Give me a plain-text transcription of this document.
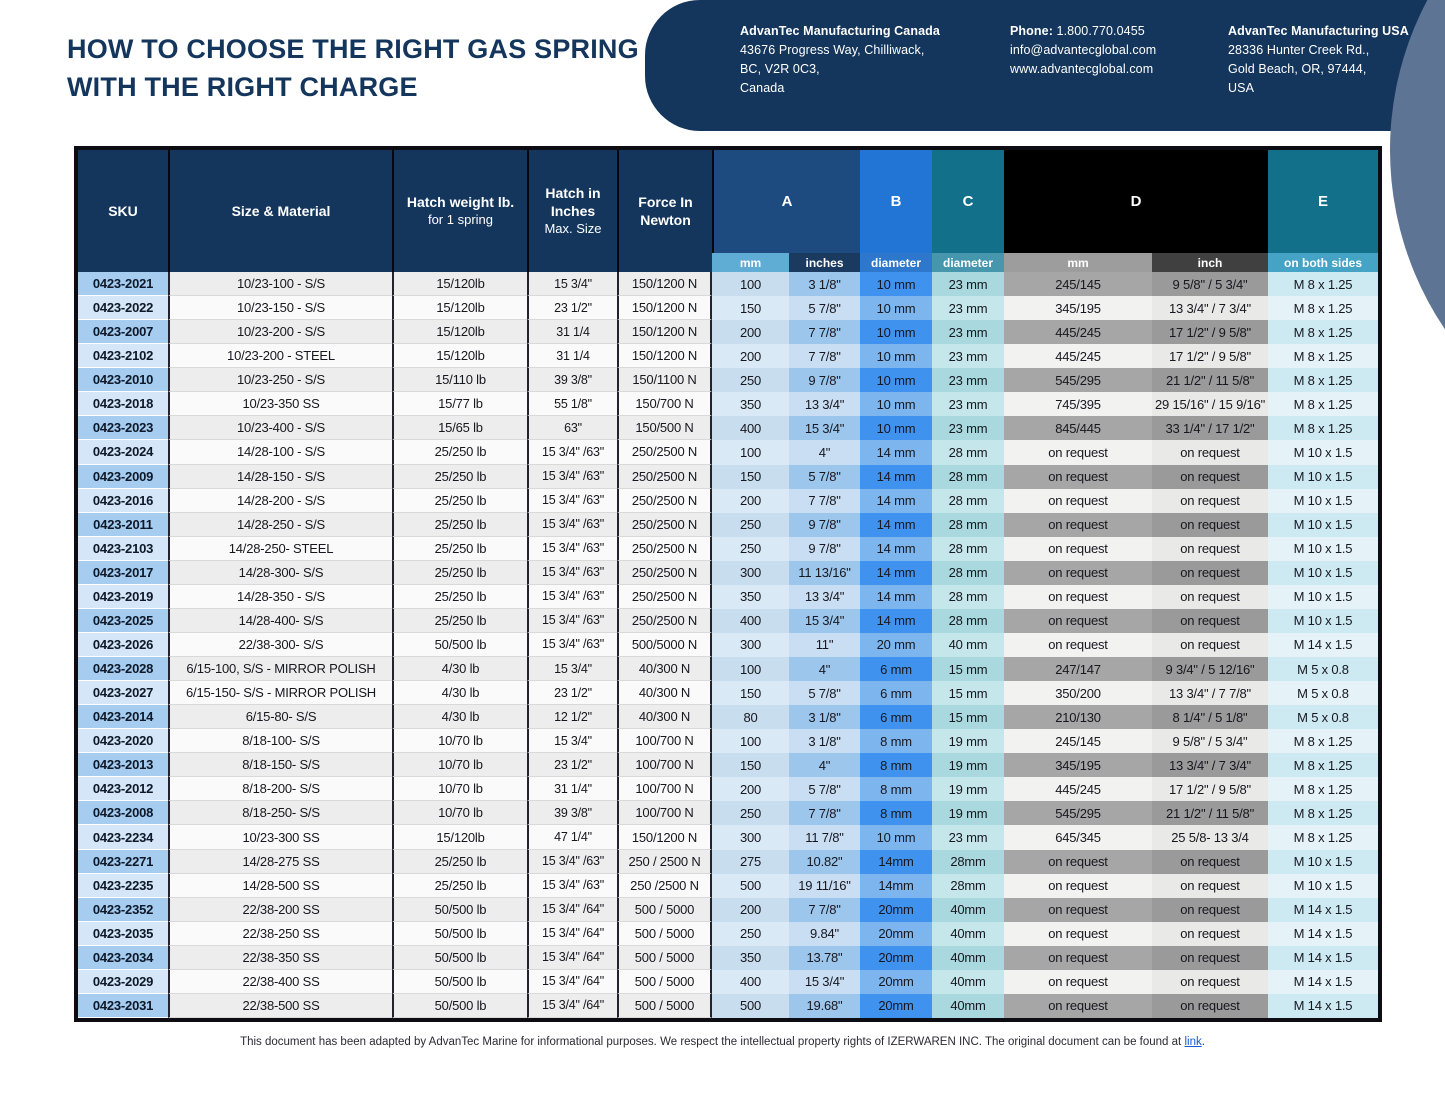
AdvanTec Manufacturing Canada
43676 Progress Way, Chilliwack,
BC, V2R 0C3,
Canada
Phone: 1.800.770.0455
info@advantecglobal.com
www.advantecglobal.com
AdvanTec Manufacturing USA
28336 Hunter Creek Rd.,
Gold Beach, OR, 97444,
USA
HOW TO CHOOSE THE RIGHT GAS SPRING
WITH THE RIGHT CHARGE
SKU	Size & Material
Hatch weight lb.
for 1 spring
Hatch in
Inches
Max. Size
Force In
Newton
A	B	C	D	E
mm	inches	diameter	diameter	mm	inch	on both sides
0423-2021	10/23-100 - S/S	15/120lb	15 3/4"	150/1200 N	100	3 1/8"	10 mm	23 mm	245/145	9 5/8" / 5 3/4"	M 8 x 1.25
0423-2022	10/23-150 - S/S	15/120lb	23 1/2"	150/1200 N	150	5 7/8"	10 mm	23 mm	345/195	13 3/4" / 7 3/4"	M 8 x 1.25
0423-2007	10/23-200 - S/S	15/120lb	31 1/4	150/1200 N	200	7 7/8"	10 mm	23 mm	445/245	17 1/2" / 9 5/8"	M 8 x 1.25
0423-2102	10/23-200 - STEEL	15/120lb	31 1/4	150/1200 N	200	7 7/8"	10 mm	23 mm	445/245	17 1/2" / 9 5/8"	M 8 x 1.25
0423-2010	10/23-250 - S/S	15/110 lb	39 3/8"	150/1100 N	250	9 7/8"	10 mm	23 mm	545/295	21 1/2" / 11 5/8"	M 8 x 1.25
0423-2018	10/23-350 SS	15/77 lb	55 1/8"	150/700 N	350	13 3/4"	10 mm	23 mm	745/395	29 15/16" / 15 9/16"	M 8 x 1.25
0423-2023	10/23-400 - S/S	15/65 lb	63"	150/500 N	400	15 3/4"	10 mm	23 mm	845/445	33 1/4" / 17 1/2"	M 8 x 1.25
0423-2024	14/28-100 - S/S	25/250 lb	15 3/4" /63"	250/2500 N	100	4"	14 mm	28 mm	on request	on request	M 10 x 1.5
0423-2009	14/28-150 - S/S	25/250 lb	15 3/4" /63"	250/2500 N	150	5 7/8"	14 mm	28 mm	on request	on request	M 10 x 1.5
0423-2016	14/28-200 - S/S	25/250 lb	15 3/4" /63"	250/2500 N	200	7 7/8"	14 mm	28 mm	on request	on request	M 10 x 1.5
0423-2011	14/28-250 - S/S	25/250 lb	15 3/4" /63"	250/2500 N	250	9 7/8"	14 mm	28 mm	on request	on request	M 10 x 1.5
0423-2103	14/28-250- STEEL	25/250 lb	15 3/4" /63"	250/2500 N	250	9 7/8"	14 mm	28 mm	on request	on request	M 10 x 1.5
0423-2017	14/28-300- S/S	25/250 lb	15 3/4" /63"	250/2500 N	300	11 13/16"	14 mm	28 mm	on request	on request	M 10 x 1.5
0423-2019	14/28-350 - S/S	25/250 lb	15 3/4" /63"	250/2500 N	350	13 3/4"	14 mm	28 mm	on request	on request	M 10 x 1.5
0423-2025	14/28-400- S/S	25/250 lb	15 3/4" /63"	250/2500 N	400	15 3/4"	14 mm	28 mm	on request	on request	M 10 x 1.5
0423-2026	22/38-300- S/S	50/500 lb	15 3/4" /63"	500/5000 N	300	11"	20 mm	40 mm	on request	on request	M 14 x 1.5
0423-2028	6/15-100, S/S - MIRROR POLISH	4/30 lb	15 3/4"	40/300 N	100	4"	6 mm	15 mm	247/147	9 3/4" / 5 12/16"	M 5 x 0.8
0423-2027	6/15-150- S/S - MIRROR POLISH	4/30 lb	23 1/2"	40/300 N	150	5 7/8"	6 mm	15 mm	350/200	13 3/4" / 7 7/8"	M 5 x 0.8
0423-2014	6/15-80- S/S	4/30 lb	12 1/2"	40/300 N	80	3 1/8"	6 mm	15 mm	210/130	8 1/4" / 5 1/8"	M 5 x 0.8
0423-2020	8/18-100- S/S	10/70 lb	15 3/4"	100/700 N	100	3 1/8"	8 mm	19 mm	245/145	9 5/8" / 5 3/4"	M 8 x 1.25
0423-2013	8/18-150- S/S	10/70 lb	23 1/2"	100/700 N	150	4"	8 mm	19 mm	345/195	13 3/4" / 7 3/4"	M 8 x 1.25
0423-2012	8/18-200- S/S	10/70 lb	31 1/4"	100/700 N	200	5 7/8"	8 mm	19 mm	445/245	17 1/2" / 9 5/8"	M 8 x 1.25
0423-2008	8/18-250- S/S	10/70 lb	39 3/8"	100/700 N	250	7 7/8"	8 mm	19 mm	545/295	21 1/2" / 11 5/8"	M 8 x 1.25
0423-2234	10/23-300 SS	15/120lb	47 1/4"	150/1200 N	300	11 7/8"	10 mm	23 mm	645/345	25 5/8- 13 3/4	M 8 x 1.25
0423-2271	14/28-275 SS	25/250 lb	15 3/4" /63"	250 / 2500 N	275	10.82"	14mm	28mm	on request	on request	M 10 x 1.5
0423-2235	14/28-500 SS	25/250 lb	15 3/4" /63"	250 /2500 N	500	19 11/16"	14mm	28mm	on request	on request	M 10 x 1.5
0423-2352	22/38-200 SS	50/500 lb	15 3/4" /64"	500 / 5000	200	7 7/8"	20mm	40mm	on request	on request	M 14 x 1.5
0423-2035	22/38-250 SS	50/500 lb	15 3/4" /64"	500 / 5000	250	9.84"	20mm	40mm	on request	on request	M 14 x 1.5
0423-2034	22/38-350 SS	50/500 lb	15 3/4" /64"	500 / 5000	350	13.78"	20mm	40mm	on request	on request	M 14 x 1.5
0423-2029	22/38-400 SS	50/500 lb	15 3/4" /64"	500 / 5000	400	15 3/4"	20mm	40mm	on request	on request	M 14 x 1.5
0423-2031	22/38-500 SS	50/500 lb	15 3/4" /64"	500 / 5000	500	19.68"	20mm	40mm	on request	on request	M 14 x 1.5
This document has been adapted by AdvanTec Marine for informational purposes. We respect the intellectual property rights of IZERWAREN INC. The original document can be found at link.
